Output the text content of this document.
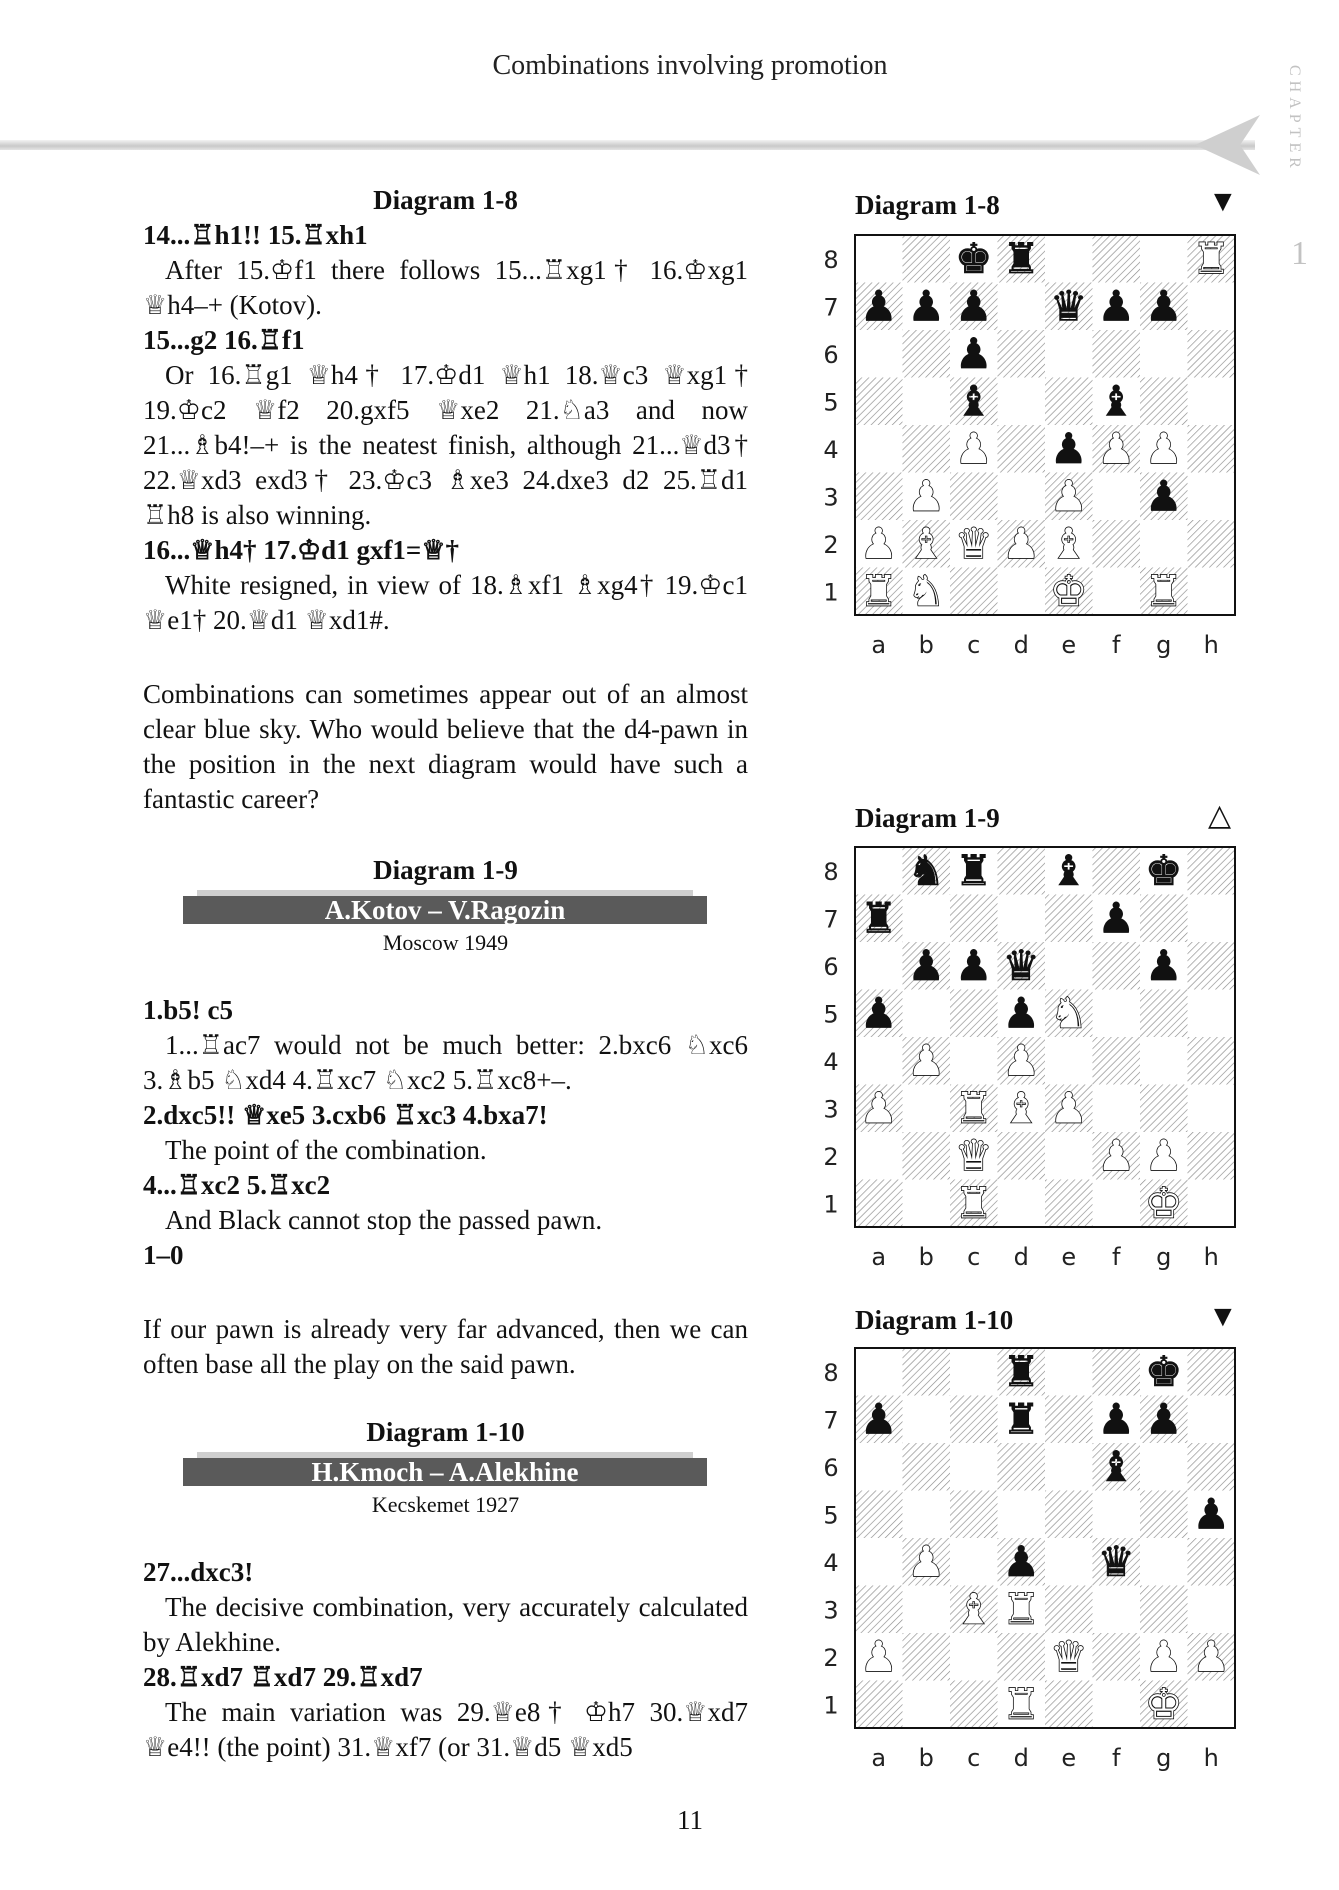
Combinations involving promotion	CHAPTER
1
Diagram 1-8
14...♖h1!! 15.♖xh1
After 15.♔f1 there follows 15...♖xg1† 16.♔xg1 ♕h4–+ (Kotov).
15...g2 16.♖f1
Or 16.♖g1 ♕h4† 17.♔d1 ♕h1 18.♕c3 ♕xg1† 19.♔c2 ♕f2 20.gxf5 ♕xe2 21.♘a3 and now 21...♗b4!–+ is the neatest finish, although 21...♕d3† 22.♕xd3 exd3† 23.♔c3 ♗xe3 24.dxe3 d2 25.♖d1 ♖h8 is also winning.
16...♕h4† 17.♔d1 gxf1=♕†
White resigned, in view of 18.♗xf1 ♗xg4† 19.♔c1 ♕e1† 20.♕d1 ♕xd1#.
Combinations can sometimes appear out of an almost clear blue sky. Who would believe that the d4-pawn in the position in the next diagram would have such a fantastic career?
Diagram 1-9
A.Kotov – V.Ragozin
Moscow 1949
1.b5! c5
1...♖ac7 would not be much better: 2.bxc6 ♘xc6 3.♗b5 ♘xd4 4.♖xc7 ♘xc2 5.♖xc8+–.
2.dxc5!! ♕xe5 3.cxb6 ♖xc3 4.bxa7!
The point of the combination.
4...♖xc2 5.♖xc2
And Black cannot stop the passed pawn.
1–0
If our pawn is already very far advanced, then we can often base all the play on the said pawn.
Diagram 1-10
H.Kmoch – A.Alekhine
Kecskemet 1927
27...dxc3!
The decisive combination, very accurately calculated by Alekhine.
28.♖xd7 ♖xd7 29.♖xd7
The main variation was 29.♕e8† ♔h7 30.♕xd7 ♕e4!! (the point) 31.♕xf7 (or 31.♕d5 ♕xd5
Diagram 1-8	▼
8
7
6
5
4
3
2
1
a b c d e f g h
♚ ♜	♜
♟ ♟ ♟ ♛ ♟ ♟
♟
♝ ♝
♟ ♟ ♟ ♟
♟ ♟ ♟
♟ ♝ ♛ ♟ ♝
♜ ♞ ♚ ♜
Diagram 1-9	△
8
7
6
5
4
3
2
1
a b c d e f g h
♞ ♜ ♝ ♚
♜	♟
♟ ♟ ♛ ♟
♟ ♟ ♞
♟ ♟
♟ ♜ ♝ ♟
♛ ♟ ♟
♜	♚
Diagram 1-10	▼
8
7
6
5
4
3
2
1
a b c d e f g h
♜ ♚
♟ ♜ ♟ ♟
♝
♟
♟ ♟ ♛
♝ ♜
♟	♛ ♟ ♟
♜ ♚
11
